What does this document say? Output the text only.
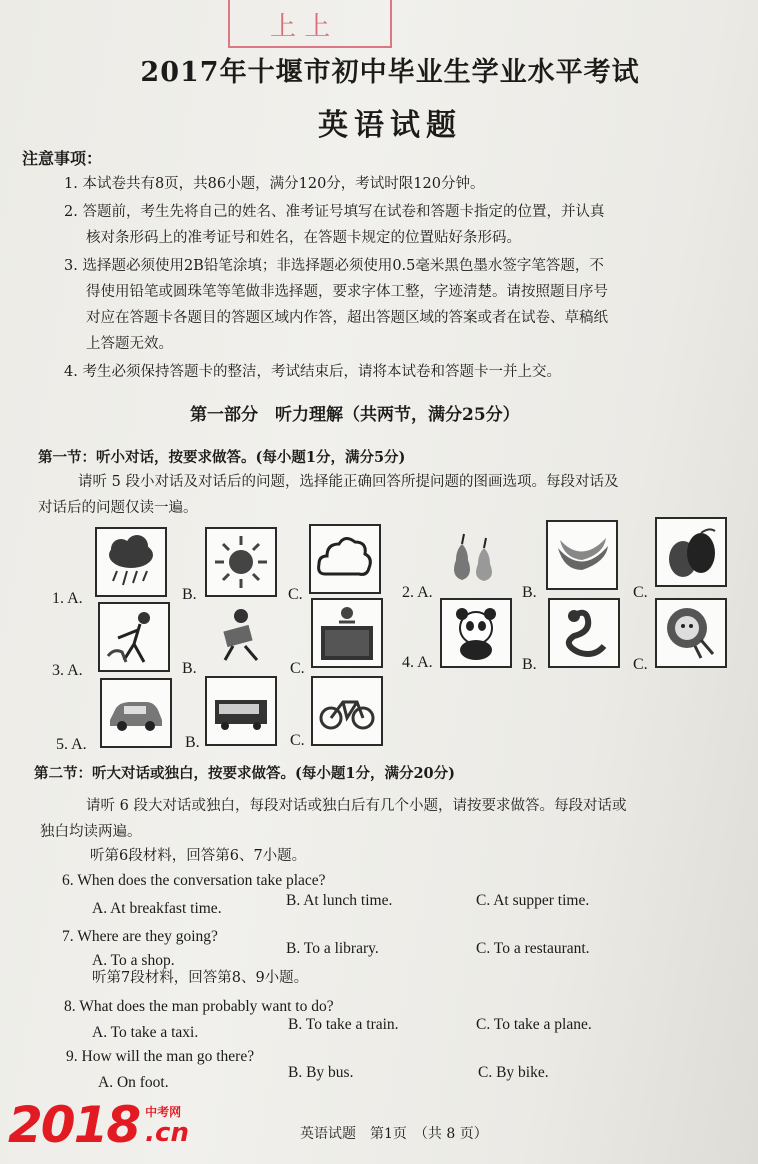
上 上
2017年十堰市初中毕业生学业水平考试
英语试题
注意事项：
1. 本试卷共有8页，共86小题，满分120分，考试时限120分钟。
2. 答题前，考生先将自己的姓名、准考证号填写在试卷和答题卡指定的位置，并认真
核对条形码上的准考证号和姓名，在答题卡规定的位置贴好条形码。
3. 选择题必须使用2B铅笔涂填；非选择题必须使用0.5毫米黑色墨水签字笔答题，不
得使用铅笔或圆珠笔等笔做非选择题，要求字体工整，字迹清楚。请按照题目序号
对应在答题卡各题目的答题区域内作答，超出答题区域的答案或者在试卷、草稿纸
上答题无效。
4. 考生必须保持答题卡的整洁，考试结束后，请将本试卷和答题卡一并上交。
第一部分　听力理解（共两节，满分25分）
第一节：听小对话，按要求做答。(每小题1分，满分5分)
请听 5 段小对话及对话后的问题，选择能正确回答所提问题的图画选项。每段对话及
对话后的问题仅读一遍。
1. A.	B.	C.	2. A.	B.	C.
3. A.	B.	C.	4. A.	B.	C.
5. A.	B.	C.
第二节：听大对话或独白，按要求做答。(每小题1分，满分20分)
请听 6 段大对话或独白，每段对话或独白后有几个小题，请按要求做答。每段对话或
独白均读两遍。
听第6段材料，回答第6、7小题。
6. When does the conversation take place?
A. At breakfast time.	B. At lunch time.	C. At supper time.
7. Where are they going?
A. To a shop.
B. To a library.	C. To a restaurant.
听第7段材料，回答第8、9小题。
8. What does the man probably want to do?
A. To take a taxi.	B. To take a train.	C. To take a plane.
9. How will the man go there?
A. On foot.
B. By bus.	C. By bike.
英语试题　第1页　（共 8 页）
2018 中考网
.cn
